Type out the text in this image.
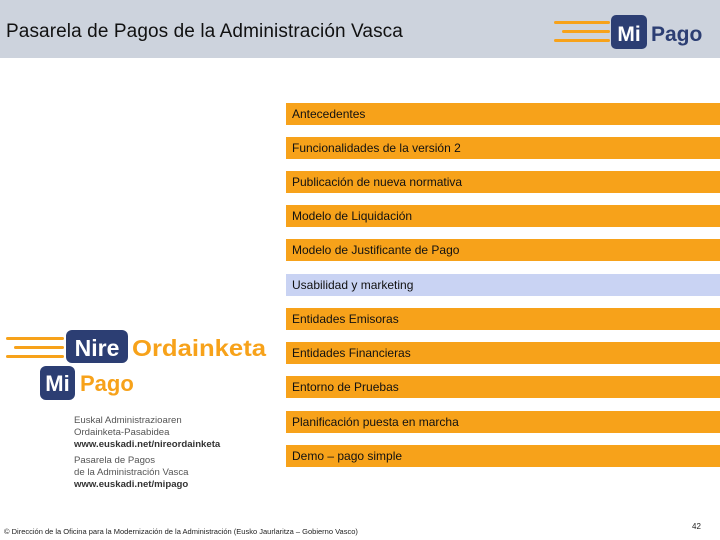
Pasarela de Pagos de la Administración Vasca	Mi Pago
Antecedentes
Funcionalidades de la versión 2
Publicación de nueva normativa
Modelo de Liquidación
Modelo de Justificante de Pago
Usabilidad y marketing
Entidades Emisoras
Entidades Financieras
Entorno de Pruebas
Planificación puesta en marcha
Demo – pago simple
Nire Ordainketa
Mi Pago
Euskal Administrazioaren
Ordainketa-Pasabidea
www.euskadi.net/nireordainketa
Pasarela de Pagos
de la Administración Vasca
www.euskadi.net/mipago
© Dirección de la Oficina para la Modernización de la Administración (Eusko Jaurlaritza – Gobierno Vasco)
42
